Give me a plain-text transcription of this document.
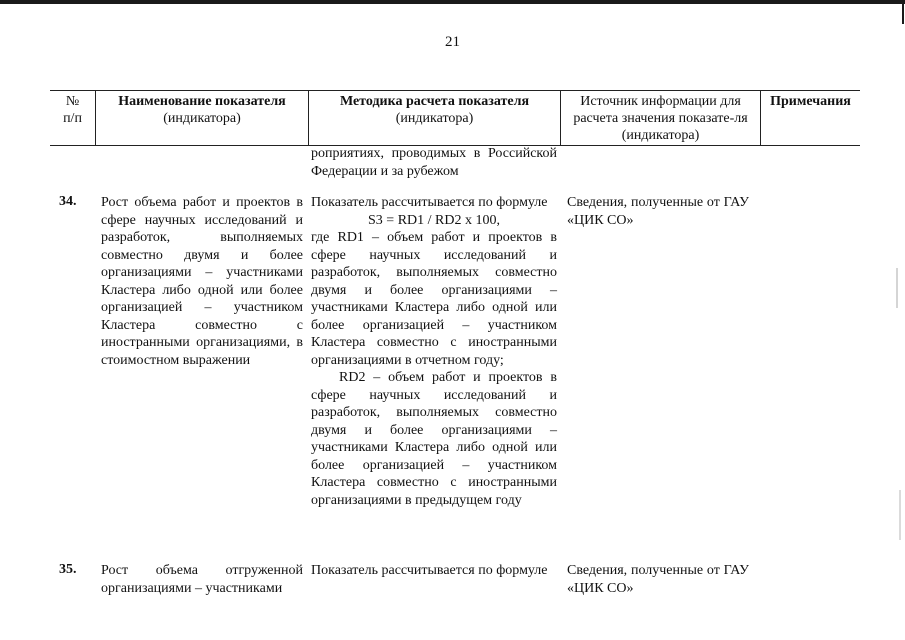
21
№
п/п
Наименование показателя
(индикатора)
Методика расчета показателя
(индикатора)
Источник информации для расчета значения показате-ля (индикатора)
Примечания
роприятиях, проводимых в Российской Федерации и за рубежом
34. Рост объема работ и проектов в сфере научных исследований и разработок, выполняемых совместно двумя и более организациями – участниками Кластера либо одной или более организацией – участником Кластера совместно с иностранными организациями, в стоимостном выражении
Показатель рассчитывается по формуле
S3 = RD1 / RD2 x 100,
где RD1 – объем работ и проектов в сфере научных исследований и разработок, выполняемых совместно двумя и более организациями – участниками Кластера либо одной или более организацией – участником Кластера совместно с иностранными организациями в отчетном году;
RD2 – объем работ и проектов в сфере научных исследований и разработок, выполняемых совместно двумя и более организациями – участниками Кластера либо одной или более организацией – участником Кластера совместно с иностранными организациями в предыдущем году
Сведения, полученные от ГАУ «ЦИК СО»
35. Рост объема отгруженной организациями – участниками
Показатель рассчитывается по формуле	Сведения, полученные от ГАУ «ЦИК СО»
